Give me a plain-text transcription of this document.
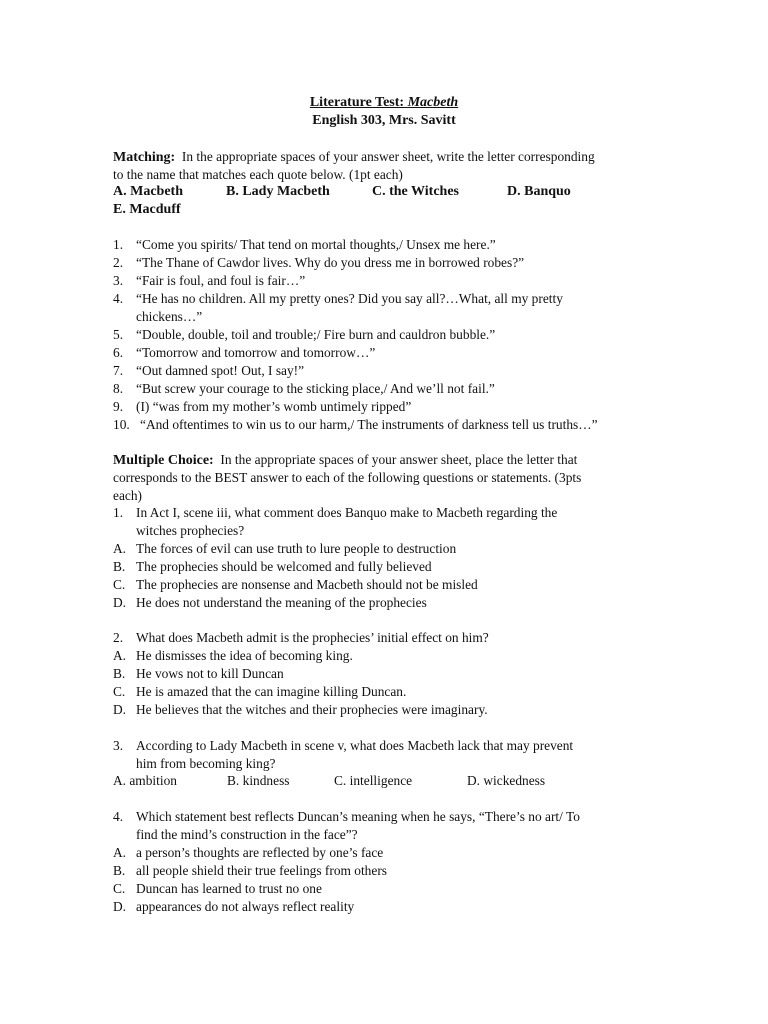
Literature Test: Macbeth
English 303, Mrs. Savitt
Matching: In the appropriate spaces of your answer sheet, write the letter corresponding
to the name that matches each quote below. (1pt each)
A. Macbeth	B. Lady Macbeth	C. the Witches	D. Banquo
E. Macduff
1. “Come you spirits/ That tend on mortal thoughts,/ Unsex me here.”
2. “The Thane of Cawdor lives. Why do you dress me in borrowed robes?”
3. “Fair is foul, and foul is fair…”
4. “He has no children. All my pretty ones? Did you say all?…What, all my pretty
chickens…”
5. “Double, double, toil and trouble;/ Fire burn and cauldron bubble.”
6. “Tomorrow and tomorrow and tomorrow…”
7. “Out damned spot! Out, I say!”
8. “But screw your courage to the sticking place,/ And we’ll not fail.”
9. (I) “was from my mother’s womb untimely ripped”
10. “And oftentimes to win us to our harm,/ The instruments of darkness tell us truths…”
Multiple Choice: In the appropriate spaces of your answer sheet, place the letter that
corresponds to the BEST answer to each of the following questions or statements. (3pts
each)
1. In Act I, scene iii, what comment does Banquo make to Macbeth regarding the
witches prophecies?
A. The forces of evil can use truth to lure people to destruction
B. The prophecies should be welcomed and fully believed
C. The prophecies are nonsense and Macbeth should not be misled
D. He does not understand the meaning of the prophecies
2. What does Macbeth admit is the prophecies’ initial effect on him?
A. He dismisses the idea of becoming king.
B. He vows not to kill Duncan
C. He is amazed that the can imagine killing Duncan.
D. He believes that the witches and their prophecies were imaginary.
3. According to Lady Macbeth in scene v, what does Macbeth lack that may prevent
him from becoming king?
A. ambition	B. kindness	C. intelligence	D. wickedness
4. Which statement best reflects Duncan’s meaning when he says, “There’s no art/ To
find the mind’s construction in the face”?
A. a person’s thoughts are reflected by one’s face
B. all people shield their true feelings from others
C. Duncan has learned to trust no one
D. appearances do not always reflect reality
